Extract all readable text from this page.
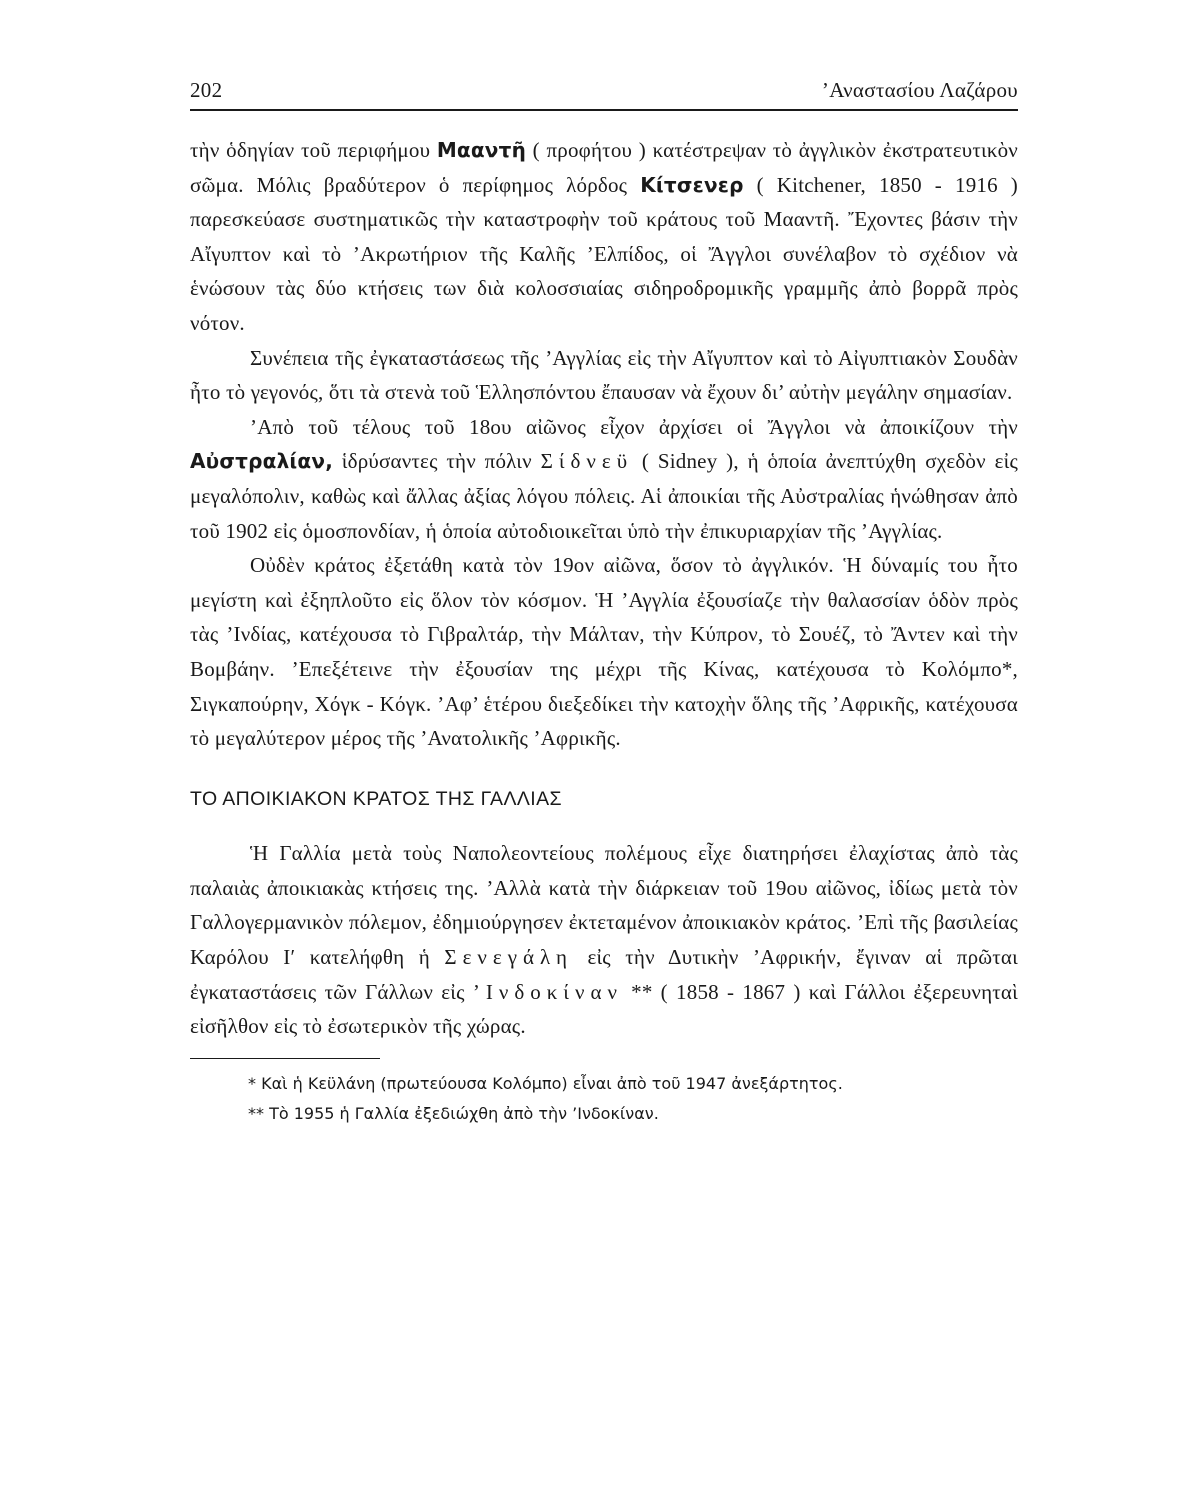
202	’Αναστασίου Λαζάρου

τὴν ὁδηγίαν τοῦ περιφήμου Μααντῆ ( προφήτου ) κατέστρεψαν τὸ ἀγγλικὸν ἐκστρατευτικὸν σῶμα. Μόλις βραδύτερον ὁ περίφημος λόρδος Κίτσενερ ( Kitchener, 1850 - 1916 ) παρεσκεύασε συστηματικῶς τὴν καταστροφὴν τοῦ κράτους τοῦ Μααντῆ. Ἔχοντες βάσιν τὴν Αἴγυπτον καὶ τὸ ’Ακρωτήριον τῆς Καλῆς ’Ελπίδος, οἱ Ἄγγλοι συνέλαβον τὸ σχέδιον νὰ ἑνώσουν τὰς δύο κτήσεις των διὰ κολοσσιαίας σιδηροδρομικῆς γραμμῆς ἀπὸ βορρᾶ πρὸς νότον.

Συνέπεια τῆς ἐγκαταστάσεως τῆς ’Αγγλίας εἰς τὴν Αἴγυπτον καὶ τὸ Αἰγυπτιακὸν Σουδὰν ἦτο τὸ γεγονός, ὅτι τὰ στενὰ τοῦ Ἑλλησπόντου ἔπαυσαν νὰ ἔχουν δι’ αὐτὴν μεγάλην σημασίαν.

’Απὸ τοῦ τέλους τοῦ 18ου αἰῶνος εἶχον ἀρχίσει οἱ Ἄγγλοι νὰ ἀποικίζουν τὴν Αὐστραλίαν, ἱδρύσαντες τὴν πόλιν Σίδνεϋ ( Sidney ), ἡ ὁποία ἀνεπτύχθη σχεδὸν εἰς μεγαλόπολιν, καθὼς καὶ ἄλλας ἀξίας λόγου πόλεις. Αἱ ἀποικίαι τῆς Αὐστραλίας ἡνώθησαν ἀπὸ τοῦ 1902 εἰς ὁμοσπονδίαν, ἡ ὁποία αὐτοδιοικεῖται ὑπὸ τὴν ἐπικυριαρχίαν τῆς ’Αγγλίας.

Οὐδὲν κράτος ἐξετάθη κατὰ τὸν 19ον αἰῶνα, ὅσον τὸ ἀγγλικόν. Ἡ δύναμίς του ἦτο μεγίστη καὶ ἐξηπλοῦτο εἰς ὅλον τὸν κόσμον. Ἡ ’Αγγλία ἐξουσίαζε τὴν θαλασσίαν ὁδὸν πρὸς τὰς ’Ινδίας, κατέχουσα τὸ Γιβραλτάρ, τὴν Μάλταν, τὴν Κύπρον, τὸ Σουέζ, τὸ Ἄντεν καὶ τὴν Βομβάην. ’Επεξέτεινε τὴν ἐξουσίαν της μέχρι τῆς Κίνας, κατέχουσα τὸ Κολόμπο*, Σιγκαπούρην, Χόγκ - Κόγκ. ’Αφ’ ἑτέρου διεξεδίκει τὴν κατοχὴν ὅλης τῆς ’Αφρικῆς, κατέχουσα τὸ μεγαλύτερον μέρος τῆς ’Ανατολικῆς ’Αφρικῆς.

ΤΟ ΑΠΟΙΚΙΑΚΟΝ ΚΡΑΤΟΣ ΤΗΣ ΓΑΛΛΙΑΣ

Ἡ Γαλλία μετὰ τοὺς Ναπολεοντείους πολέμους εἶχε διατηρήσει ἐλαχίστας ἀπὸ τὰς παλαιὰς ἀποικιακὰς κτήσεις της. ’Αλλὰ κατὰ τὴν διάρκειαν τοῦ 19ου αἰῶνος, ἰδίως μετὰ τὸν Γαλλογερμανικὸν πόλεμον, ἐδημιούργησεν ἐκτεταμένον ἀποικιακὸν κράτος. ’Επὶ τῆς βασιλείας Καρόλου Ι′ κατελήφθη ἡ Σενεγάλη εἰς τὴν Δυτικὴν ’Αφρικήν, ἔγιναν αἱ πρῶται ἐγκαταστάσεις τῶν Γάλλων εἰς ’Ινδοκίναν ** ( 1858 - 1867 ) καὶ Γάλλοι ἐξερευνηταὶ εἰσῆλθον εἰς τὸ ἐσωτερικὸν τῆς χώρας.

* Καὶ ἡ Κεϋλάνη (πρωτεύουσα Κολόμπο) εἶναι ἀπὸ τοῦ 1947 ἀνεξάρτητος.
** Τὸ 1955 ἡ Γαλλία ἐξεδιώχθη ἀπὸ τὴν ’Ινδοκίναν.
